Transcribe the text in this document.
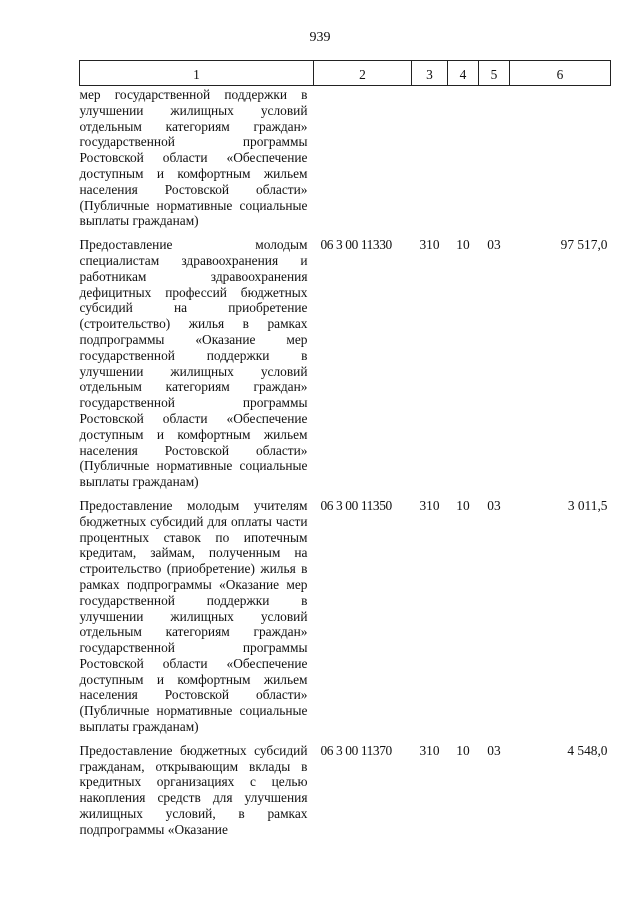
939
1	2	3	4	5	6
мер государственной поддержки в улучшении жилищных условий отдельным категориям граждан» государственной программы Ростовской области «Обеспечение доступным и комфортным жильем населения Ростовской области» (Публичные нормативные социальные выплаты гражданам)					
Предоставление молодым специалистам здравоохранения и работникам здравоохранения дефицитных профессий бюджетных субсидий на приобретение (строительство) жилья в рамках подпрограммы «Оказание мер государственной поддержки в улучшении жилищных условий отдельным категориям граждан» государственной программы Ростовской области «Обеспечение доступным и комфортным жильем населения Ростовской области» (Публичные нормативные социальные выплаты гражданам)	06 3 00 11330	310	10	03	97 517,0
Предоставление молодым учителям бюджетных субсидий для оплаты части процентных ставок по ипотечным кредитам, займам, полученным на строительство (приобретение) жилья в рамках подпрограммы «Оказание мер государственной поддержки в улучшении жилищных условий отдельным категориям граждан» государственной программы Ростовской области «Обеспечение доступным и комфортным жильем населения Ростовской области» (Публичные нормативные социальные выплаты гражданам)	06 3 00 11350	310	10	03	3 011,5
Предоставление бюджетных субсидий гражданам, открывающим вклады в кредитных организациях с целью накопления средств для улучшения жилищных условий, в рамках подпрограммы «Оказание	06 3 00 11370	310	10	03	4 548,0
